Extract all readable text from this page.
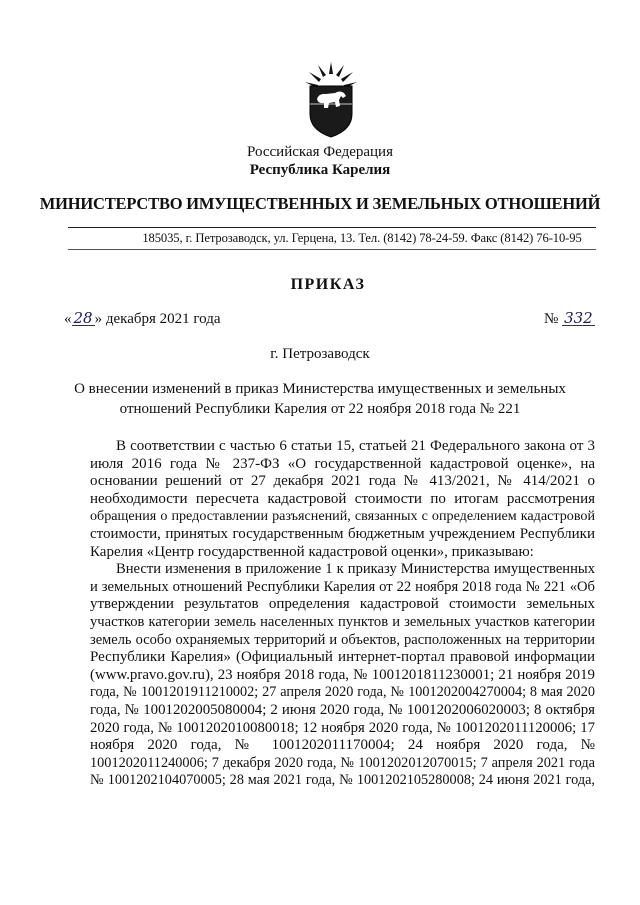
Российская Федерация
Республика Карелия
МИНИСТЕРСТВО ИМУЩЕСТВЕННЫХ И ЗЕМЕЛЬНЫХ ОТНОШЕНИЙ
185035, г. Петрозаводск, ул. Герцена, 13. Тел. (8142) 78-24-59. Факс (8142) 76-10-95
ПРИКАЗ
« 28 » декабря 2021 года	№ 332
г. Петрозаводск
О внесении изменений в приказ Министерства имущественных и земельных
отношений Республики Карелия от 22 ноября 2018 года № 221
В соответствии с частью 6 статьи 15, статьей 21 Федерального закона от 3
июля 2016 года № 237-ФЗ «О государственной кадастровой оценке», на
основании решений от 27 декабря 2021 года № 413/2021, № 414/2021 о
необходимости пересчета кадастровой стоимости по итогам рассмотрения
обращения о предоставлении разъяснений, связанных с определением кадастровой
стоимости, принятых государственным бюджетным учреждением Республики
Карелия «Центр государственной кадастровой оценки», приказываю:
Внести изменения в приложение 1 к приказу Министерства имущественных
и земельных отношений Республики Карелия от 22 ноября 2018 года № 221 «Об
утверждении результатов определения кадастровой стоимости земельных
участков категории земель населенных пунктов и земельных участков категории
земель особо охраняемых территорий и объектов, расположенных на территории
Республики Карелия» (Официальный интернет-портал правовой информации
(www.pravo.gov.ru), 23 ноября 2018 года, № 1001201811230001; 21 ноября 2019
года, № 1001201911210002; 27 апреля 2020 года, № 1001202004270004; 8 мая 2020
года, № 1001202005080004; 2 июня 2020 года, № 1001202006020003; 8 октября
2020 года, № 1001202010080018; 12 ноября 2020 года, № 1001202011120006; 17
ноября 2020 года, № 1001202011170004; 24 ноября 2020 года, №
1001202011240006; 7 декабря 2020 года, № 1001202012070015; 7 апреля 2021 года
№ 1001202104070005; 28 мая 2021 года, № 1001202105280008; 24 июня 2021 года,
